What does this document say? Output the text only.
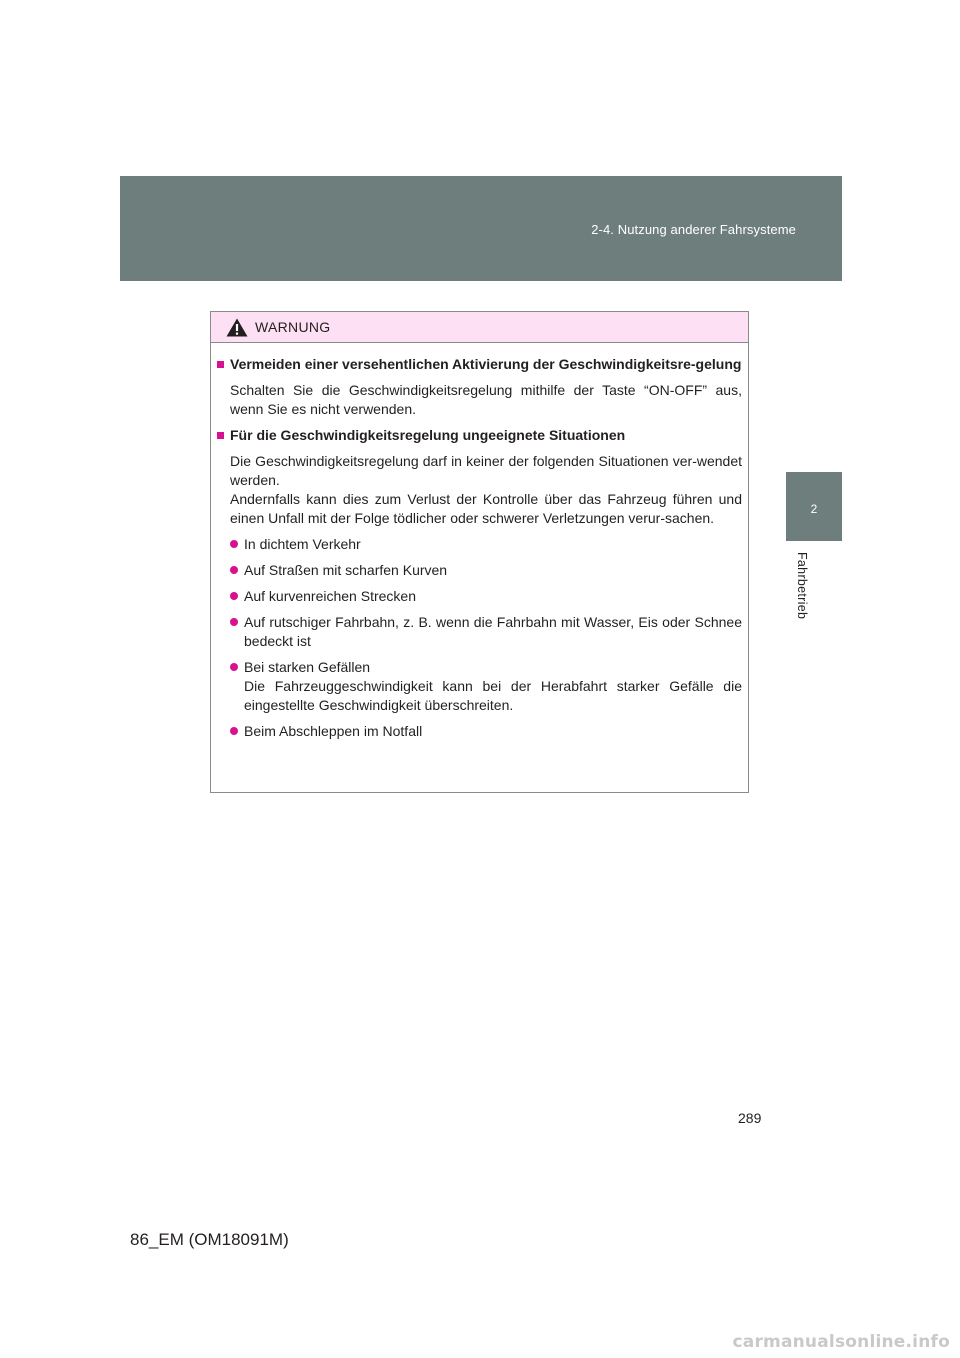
2-4. Nutzung anderer Fahrsysteme
2
Fahrbetrieb
WARNUNG
Vermeiden einer versehentlichen Aktivierung der Geschwindigkeitsre-gelung
Schalten Sie die Geschwindigkeitsregelung mithilfe der Taste “ON-OFF” aus, wenn Sie es nicht verwenden.
Für die Geschwindigkeitsregelung ungeeignete Situationen
Die Geschwindigkeitsregelung darf in keiner der folgenden Situationen ver-wendet werden.
Andernfalls kann dies zum Verlust der Kontrolle über das Fahrzeug führen und einen Unfall mit der Folge tödlicher oder schwerer Verletzungen verur-sachen.
In dichtem Verkehr
Auf Straßen mit scharfen Kurven
Auf kurvenreichen Strecken
Auf rutschiger Fahrbahn, z. B. wenn die Fahrbahn mit Wasser, Eis oder Schnee bedeckt ist
Bei starken Gefällen
Die Fahrzeuggeschwindigkeit kann bei der Herabfahrt starker Gefälle die eingestellte Geschwindigkeit überschreiten.
Beim Abschleppen im Notfall
289
86_EM (OM18091M)
carmanualsonline.info
